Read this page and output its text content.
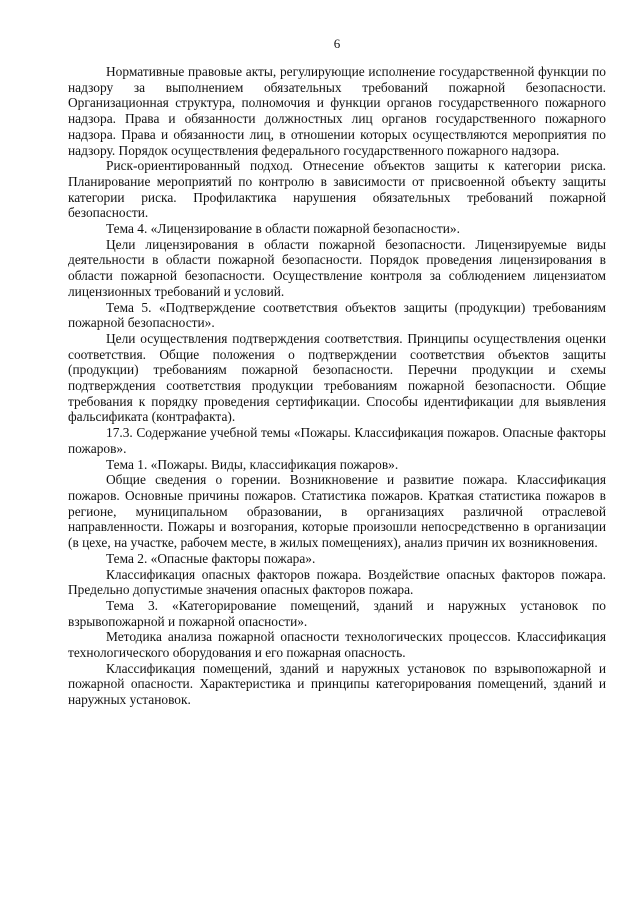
6

Нормативные правовые акты, регулирующие исполнение государственной функции по надзору за выполнением обязательных требований пожарной безопасности. Организационная структура, полномочия и функции органов государственного пожарного надзора. Права и обязанности должностных лиц органов государственного пожарного надзора. Права и обязанности лиц, в отношении которых осуществляются мероприятия по надзору. Порядок осуществления федерального государственного пожарного надзора.

Риск-ориентированный подход. Отнесение объектов защиты к категории риска. Планирование мероприятий по контролю в зависимости от присвоенной объекту защиты категории риска. Профилактика нарушения обязательных требований пожарной безопасности.

Тема 4. «Лицензирование в области пожарной безопасности».

Цели лицензирования в области пожарной безопасности. Лицензируемые виды деятельности в области пожарной безопасности. Порядок проведения лицензирования в области пожарной безопасности. Осуществление контроля за соблюдением лицензиатом лицензионных требований и условий.

Тема 5. «Подтверждение соответствия объектов защиты (продукции) требованиям пожарной безопасности».

Цели осуществления подтверждения соответствия. Принципы осуществления оценки соответствия. Общие положения о подтверждении соответствия объектов защиты (продукции) требованиям пожарной безопасности. Перечни продукции и схемы подтверждения соответствия продукции требованиям пожарной безопасности. Общие требования к порядку проведения сертификации. Способы идентификации для выявления фальсификата (контрафакта).

17.3. Содержание учебной темы «Пожары. Классификация пожаров. Опасные факторы пожаров».

Тема 1. «Пожары. Виды, классификация пожаров».

Общие сведения о горении. Возникновение и развитие пожара. Классификация пожаров. Основные причины пожаров. Статистика пожаров. Краткая статистика пожаров в регионе, муниципальном образовании, в организациях различной отраслевой направленности. Пожары и возгорания, которые произошли непосредственно в организации (в цехе, на участке, рабочем месте, в жилых помещениях), анализ причин их возникновения.

Тема 2. «Опасные факторы пожара».

Классификация опасных факторов пожара. Воздействие опасных факторов пожара. Предельно допустимые значения опасных факторов пожара.

Тема 3. «Категорирование помещений, зданий и наружных установок по взрывопожарной и пожарной опасности».

Методика анализа пожарной опасности технологических процессов. Классификация технологического оборудования и его пожарная опасность.

Классификация помещений, зданий и наружных установок по взрывопожарной и пожарной опасности. Характеристика и принципы категорирования помещений, зданий и наружных установок.
